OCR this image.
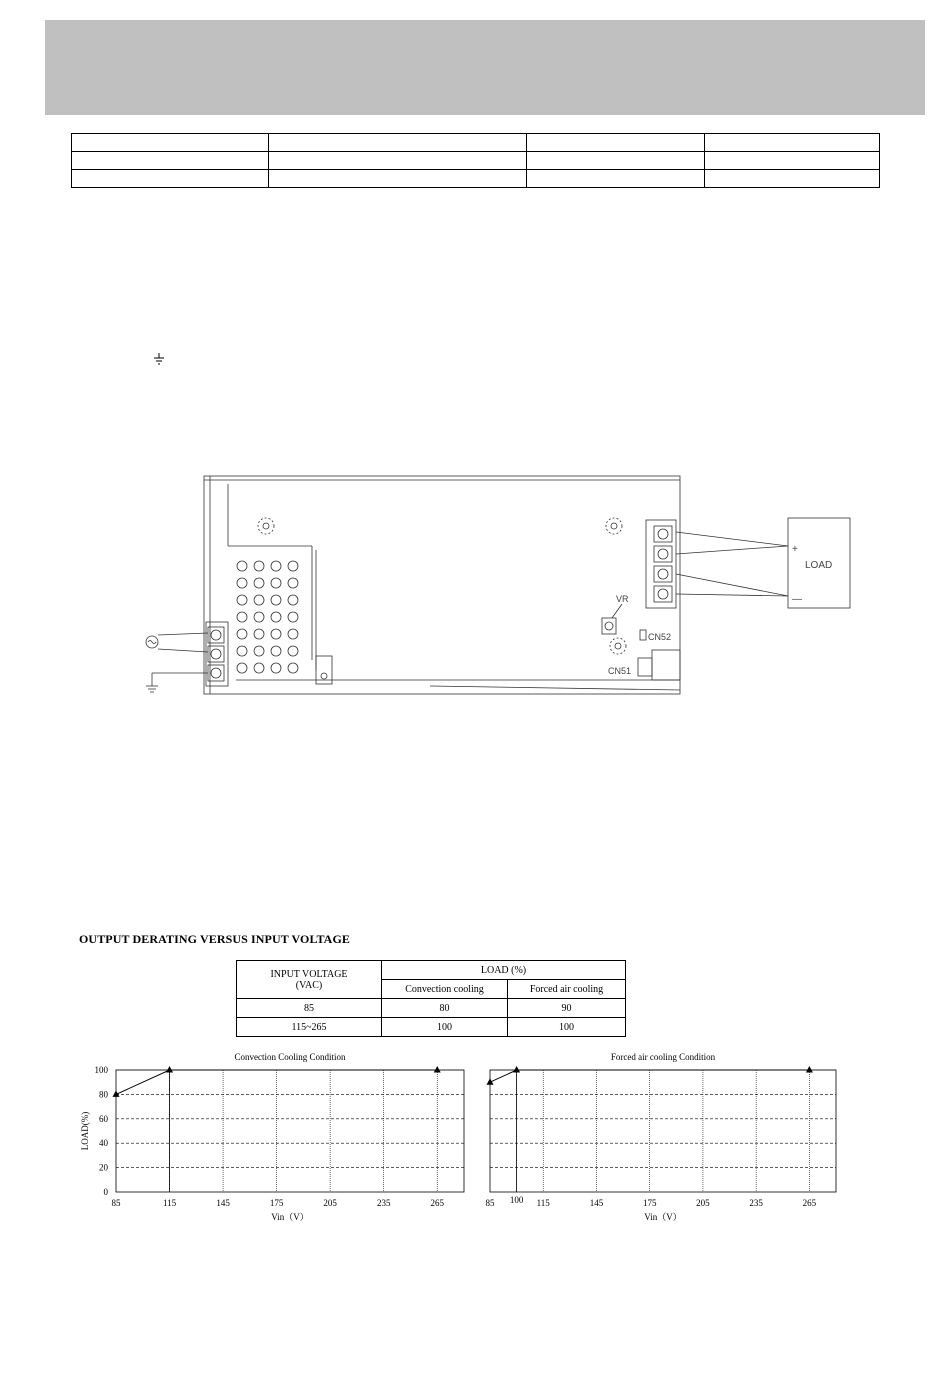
+
LOAD
—
VR
CN52
CN51
OUTPUT DERATING VERSUS INPUT VOLTAGE
INPUT VOLTAGE
(VAC)	LOAD (%)	
	Convection cooling	Forced air cooling
85	80	90
115~265	100	100
Convection Cooling Condition
85	115	145	175	205	235	265
0
20
40
60
80
100
Vin（V）
LOAD(%)
Forced air cooling Condition
85 100 115	145	175	205	235	265
Vin（V）
